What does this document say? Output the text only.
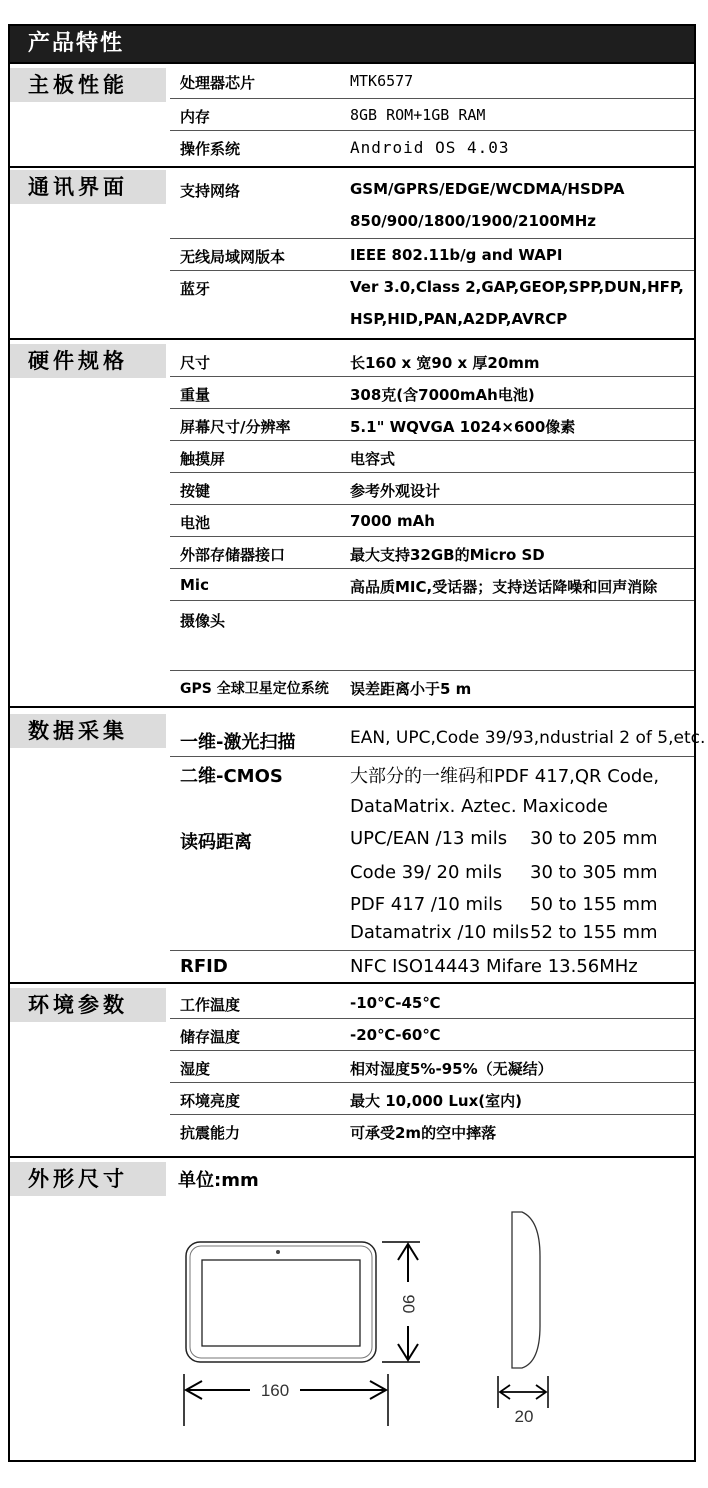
产品特性
主板性能	处理器芯片	MTK6577
内存	8GB ROM+1GB RAM
操作系统	Android OS 4.03
通讯界面	支持网络	GSM/GPRS/EDGE/WCDMA/HSDPA
850/900/1800/1900/2100MHz
无线局域网版本	IEEE 802.11b/g and WAPI
蓝牙	Ver 3.0,Class 2,GAP,GEOP,SPP,DUN,HFP,
HSP,HID,PAN,A2DP,AVRCP
硬件规格	尺寸	长160 x 宽90 x 厚20mm
重量	308克(含7000mAh电池)
屏幕尺寸/分辨率	5.1" WQVGA 1024×600像素
触摸屏	电容式
按键	参考外观设计
电池	7000 mAh
外部存储器接口	最大支持32GB的Micro SD
Mic	高品质MIC,受话器；支持送话降噪和回声消除
摄像头
GPS 全球卫星定位系统 误差距离小于5 m
数据采集	一维-激光扫描	EAN, UPC,Code 39/93,ndustrial 2 of 5,etc.
二维-CMOS	大部分的一维码和PDF 417,QR Code,
DataMatrix. Aztec. Maxicode
读码距离	UPC/EAN /13 mils 30 to 205 mm
Code 39/ 20 mils 30 to 305 mm
PDF 417 /10 mils 50 to 155 mm
Datamatrix /10 mils 52 to 155 mm
RFID	NFC ISO14443 Mifare 13.56MHz
环境参数	工作温度	-10℃-45℃
储存温度	-20℃-60℃
湿度	相对湿度5%-95%（无凝结）
环境亮度	最大 10,000 Lux(室内)
抗震能力	可承受2m的空中摔落
外形尺寸	单位:mm
160
90
20
